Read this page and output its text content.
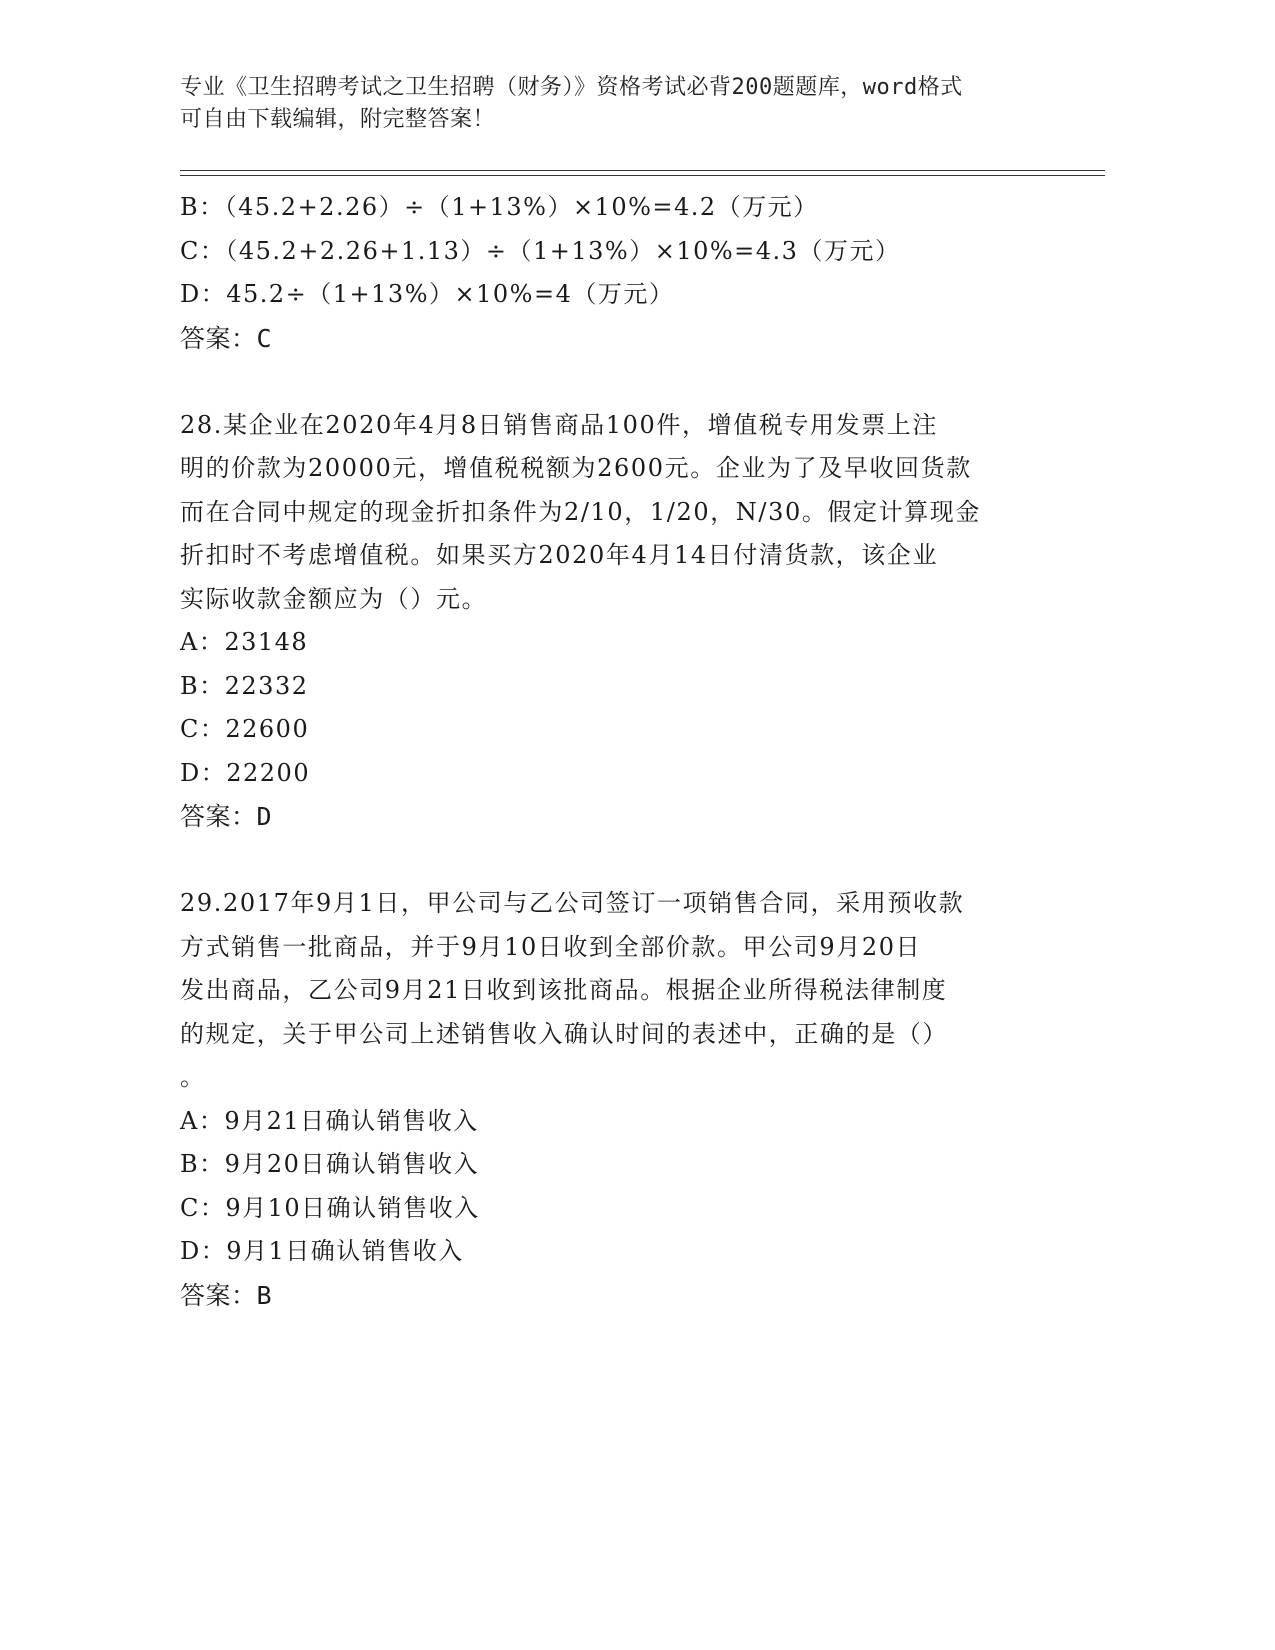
专业《卫生招聘考试之卫生招聘（财务）》资格考试必背200题题库，word格式
可自由下载编辑，附完整答案！
B：（45.2+2.26）÷（1+13%）×10%=4.2（万元）
C：（45.2+2.26+1.13）÷（1+13%）×10%=4.3（万元）
D：45.2÷（1+13%）×10%=4（万元）
答案：C
28.某企业在2020年4月8日销售商品100件，增值税专用发票上注
明的价款为20000元，增值税税额为2600元。企业为了及早收回货款
而在合同中规定的现金折扣条件为2/10，1/20，N/30。假定计算现金
折扣时不考虑增值税。如果买方2020年4月14日付清货款，该企业
实际收款金额应为（）元。
A：23148
B：22332
C：22600
D：22200
答案：D
29.2017年9月1日，甲公司与乙公司签订一项销售合同，采用预收款
方式销售一批商品，并于9月10日收到全部价款。甲公司9月20日
发出商品，乙公司9月21日收到该批商品。根据企业所得税法律制度
的规定，关于甲公司上述销售收入确认时间的表述中，正确的是（）
。
A：9月21日确认销售收入
B：9月20日确认销售收入
C：9月10日确认销售收入
D：9月1日确认销售收入
答案：B
